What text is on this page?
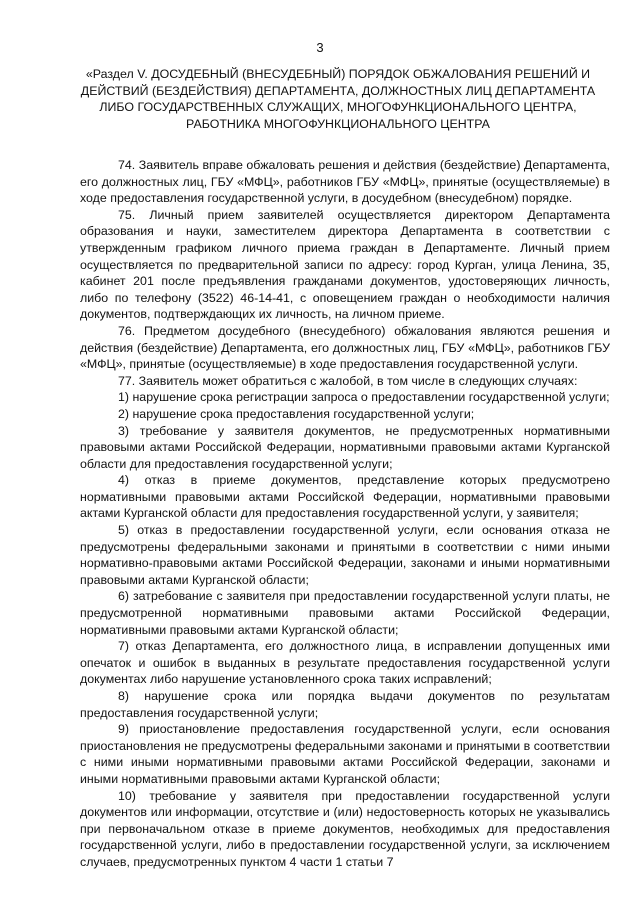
3
«Раздел V. ДОСУДЕБНЫЙ (ВНЕСУДЕБНЫЙ) ПОРЯДОК ОБЖАЛОВАНИЯ РЕШЕНИЙ И ДЕЙСТВИЙ (БЕЗДЕЙСТВИЯ) ДЕПАРТАМЕНТА, ДОЛЖНОСТНЫХ ЛИЦ ДЕПАРТАМЕНТА ЛИБО ГОСУДАРСТВЕННЫХ СЛУЖАЩИХ, МНОГОФУНКЦИОНАЛЬНОГО ЦЕНТРА, РАБОТНИКА МНОГОФУНКЦИОНАЛЬНОГО ЦЕНТРА

74. Заявитель вправе обжаловать решения и действия (бездействие) Департамента, его должностных лиц, ГБУ «МФЦ», работников ГБУ «МФЦ», принятые (осуществляемые) в ходе предоставления государственной услуги, в досудебном (внесудебном) порядке.

75. Личный прием заявителей осуществляется директором Департамента образования и науки, заместителем директора Департамента в соответствии с утвержденным графиком личного приема граждан в Департаменте. Личный прием осуществляется по предварительной записи по адресу: город Курган, улица Ленина, 35, кабинет 201 после предъявления гражданами документов, удостоверяющих личность, либо по телефону (3522) 46-14-41, с оповещением граждан о необходимости наличия документов, подтверждающих их личность, на личном приеме.

76. Предметом досудебного (внесудебного) обжалования являются решения и действия (бездействие) Департамента, его должностных лиц, ГБУ «МФЦ», работников ГБУ «МФЦ», принятые (осуществляемые) в ходе предоставления государственной услуги.

77. Заявитель может обратиться с жалобой, в том числе в следующих случаях:

1) нарушение срока регистрации запроса о предоставлении государственной услуги;

2) нарушение срока предоставления государственной услуги;

3) требование у заявителя документов, не предусмотренных нормативными правовыми актами Российской Федерации, нормативными правовыми актами Курганской области для предоставления государственной услуги;

4) отказ в приеме документов, представление которых предусмотрено нормативными правовыми актами Российской Федерации, нормативными правовыми актами Курганской области для предоставления государственной услуги, у заявителя;

5) отказ в предоставлении государственной услуги, если основания отказа не предусмотрены федеральными законами и принятыми в соответствии с ними иными нормативно-правовыми актами Российской Федерации, законами и иными нормативными правовыми актами Курганской области;

6) затребование с заявителя при предоставлении государственной услуги платы, не предусмотренной нормативными правовыми актами Российской Федерации, нормативными правовыми актами Курганской области;

7) отказ Департамента, его должностного лица, в исправлении допущенных ими опечаток и ошибок в выданных в результате предоставления государственной услуги документах либо нарушение установленного срока таких исправлений;

8) нарушение срока или порядка выдачи документов по результатам предоставления государственной услуги;

9) приостановление предоставления государственной услуги, если основания приостановления не предусмотрены федеральными законами и принятыми в соответствии с ними иными нормативными правовыми актами Российской Федерации, законами и иными нормативными правовыми актами Курганской области;

10) требование у заявителя при предоставлении государственной услуги документов или информации, отсутствие и (или) недостоверность которых не указывались при первоначальном отказе в приеме документов, необходимых для предоставления государственной услуги, либо в предоставлении государственной услуги, за исключением случаев, предусмотренных пунктом 4 части 1 статьи 7
